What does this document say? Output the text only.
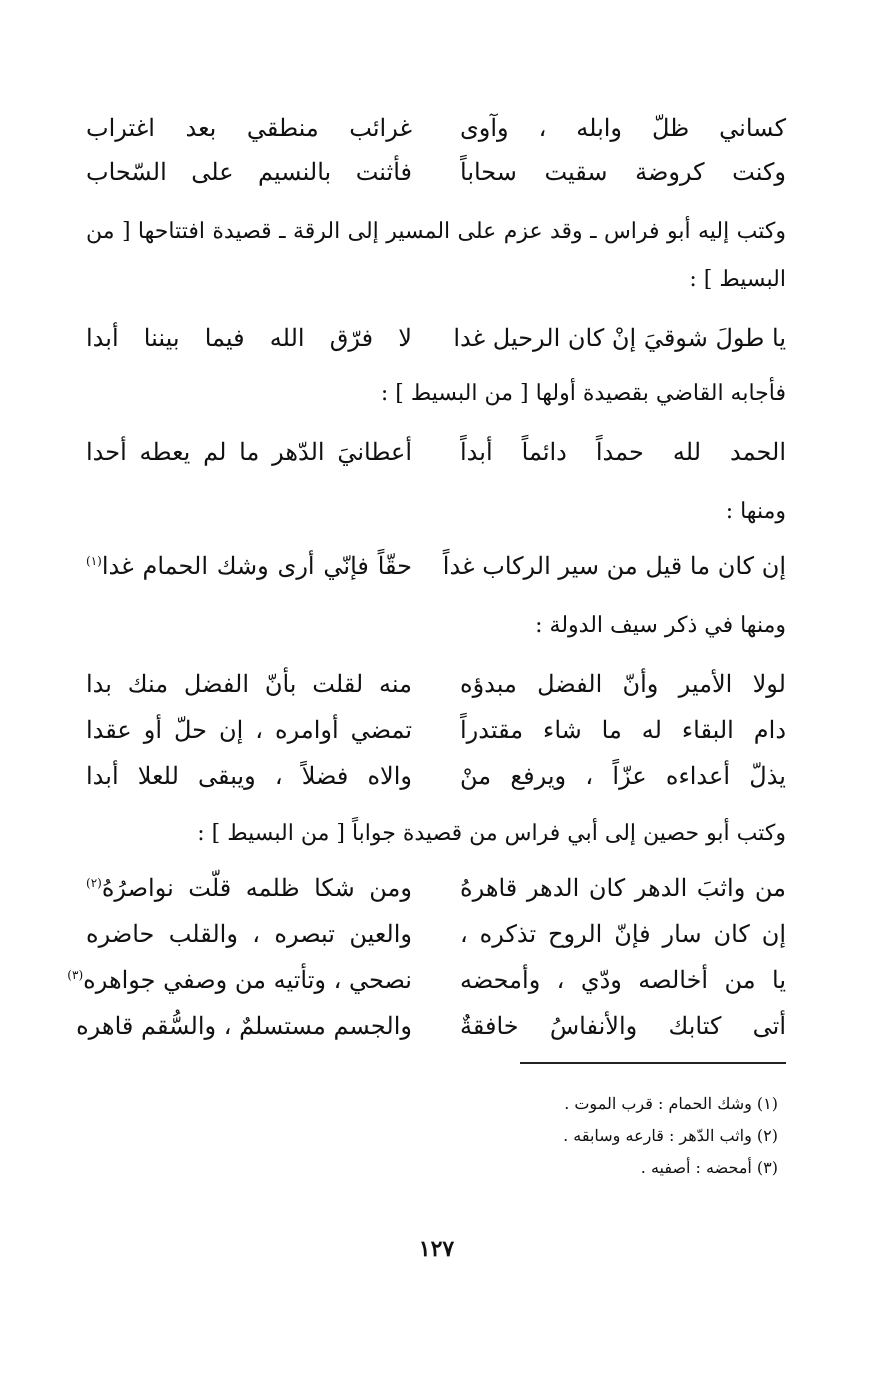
كساني ظلّ وابله ، وآوى
غرائب منطقي بعد اغتراب
وكنت كروضة سقيت سحاباً
فأثنت بالنسيم على السّحاب
وكتب إليه أبو فراس ـ وقد عزم على المسير إلى الرقة ـ قصيدة افتتاحها [ من
البسيط ] :
يا طولَ شوقيَ إنْ كان الرحيل غدا
لا فرّق الله فيما بيننا أبدا
فأجابه القاضي بقصيدة أولها [ من البسيط ] :
الحمد لله حمداً دائماً أبداً
أعطانيَ الدّهر ما لم يعطه أحدا
ومنها :
إن كان ما قيل من سير الركاب غداً
حقّاً فإنّي أرى وشك الحمام غدا$^{(١)}$
ومنها في ذكر سيف الدولة :
لولا الأمير وأنّ الفضل مبدؤه
منه لقلت بأنّ الفضل منك بدا
دام البقاء له ما شاء مقتدراً
تمضي أوامره ، إن حلّ أو عقدا
يذلّ أعداءه عزّاً ، ويرفع منْ
والاه فضلاً ، ويبقى للعلا أبدا
وكتب أبو حصين إلى أبي فراس من قصيدة جواباً [ من البسيط ] :
من واثبَ الدهر كان الدهر قاهرهُ
ومن شكا ظلمه قلّت نواصرُهُ$^{(٢)}$
إن كان سار فإنّ الروح تذكره ،
والعين تبصره ، والقلب حاضره
يا من أخالصه ودّي ، وأمحضه
نصحي ، وتأتيه من وصفي جواهره$^{(٣)}$
أتى كتابك والأنفاسُ خافقةٌ
والجسم مستسلمٌ ، والسُّقم قاهره
(١) وشك الحمام : قرب الموت .
(٢) واثب الدّهر : قارعه وسابقه .
(٣) أمحضه : أصفيه .
١٢٧
